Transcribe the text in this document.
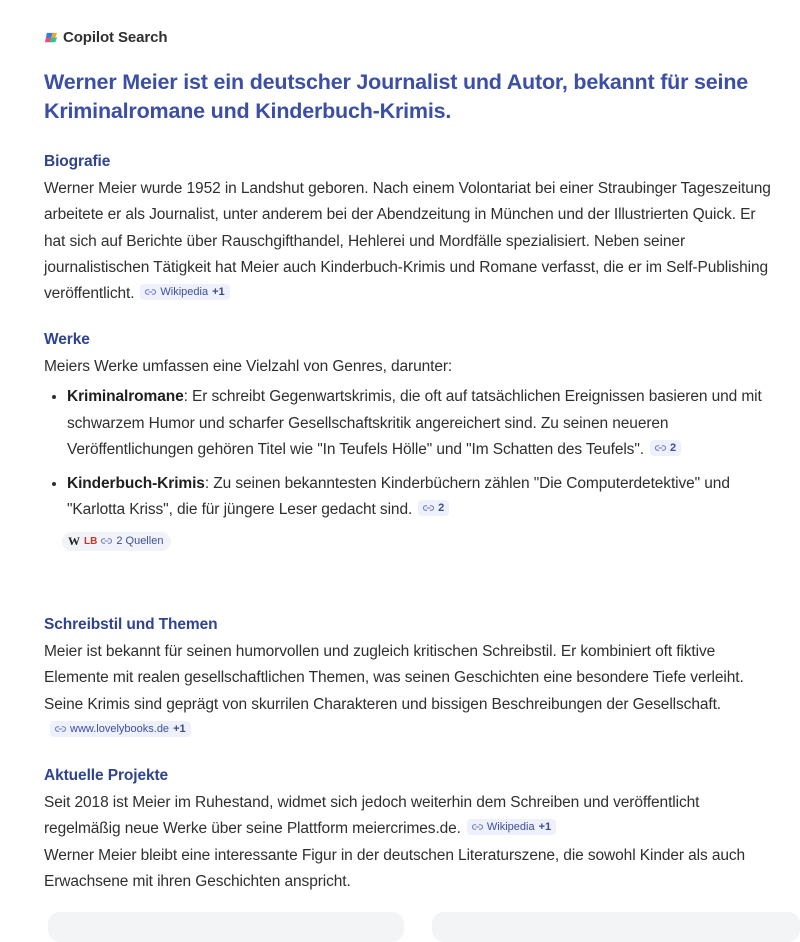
Copilot Search
Werner Meier ist ein deutscher Journalist und Autor, bekannt für seine Kriminalromane und Kinderbuch-Krimis.
Biografie

Werner Meier wurde 1952 in Landshut geboren. Nach einem Volontariat bei einer Straubinger Tageszeitung arbeitete er als Journalist, unter anderem bei der Abendzeitung in München und der Illustrierten Quick. Er hat sich auf Berichte über Rauschgifthandel, Hehlerei und Mordfälle spezialisiert. Neben seiner journalistischen Tätigkeit hat Meier auch Kinderbuch-Krimis und Romane verfasst, die er im Self-Publishing veröffentlicht. Wikipedia +1

Werke

Meiers Werke umfassen eine Vielzahl von Genres, darunter:

• Kriminalromane: Er schreibt Gegenwartskrimis, die oft auf tatsächlichen Ereignissen basieren und mit schwarzem Humor und scharfer Gesellschaftskritik angereichert sind. Zu seinen neueren Veröffentlichungen gehören Titel wie "In Teufels Hölle" und "Im Schatten des Teufels". 2
• Kinderbuch-Krimis: Zu seinen bekanntesten Kinderbüchern zählen "Die Computerdetektive" und "Karlotta Kriss", die für jüngere Leser gedacht sind. 2
W LB 2 Quellen
Schreibstil und Themen

Meier ist bekannt für seinen humorvollen und zugleich kritischen Schreibstil. Er kombiniert oft fiktive Elemente mit realen gesellschaftlichen Themen, was seinen Geschichten eine besondere Tiefe verleiht. Seine Krimis sind geprägt von skurrilen Charakteren und bissigen Beschreibungen der Gesellschaft.
www.lovelybooks.de +1

Aktuelle Projekte

Seit 2018 ist Meier im Ruhestand, widmet sich jedoch weiterhin dem Schreiben und veröffentlicht regelmäßig neue Werke über seine Plattform meiercrimes.de. Wikipedia +1

Werner Meier bleibt eine interessante Figur in der deutschen Literaturszene, die sowohl Kinder als auch Erwachsene mit ihren Geschichten anspricht.
